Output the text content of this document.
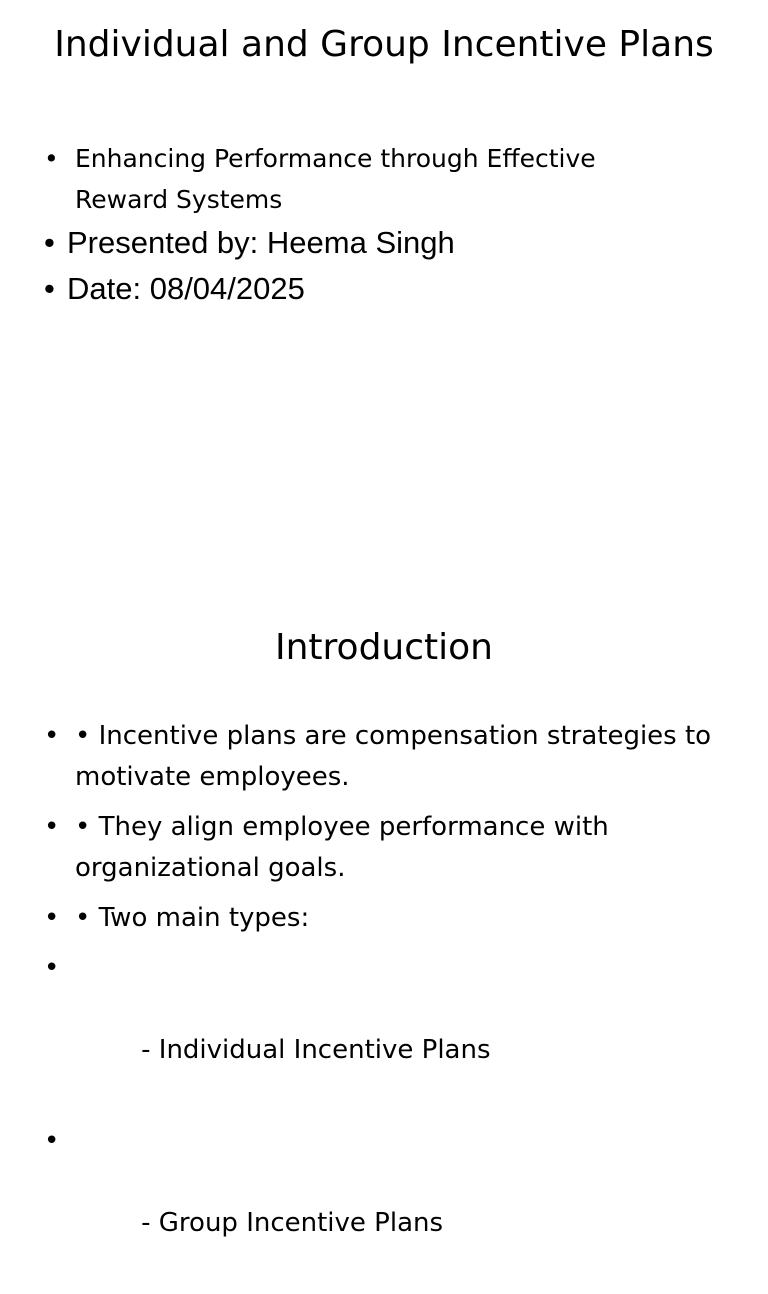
Individual and Group Incentive Plans
• Enhancing Performance through Effective Reward Systems
• Presented by: Heema Singh
• Date: 08/04/2025
Introduction
• • Incentive plans are compensation strategies to motivate employees.
• • They align employee performance with organizational goals.
• • Two main types:

•

- Individual Incentive Plans

•

- Group Incentive Plans
